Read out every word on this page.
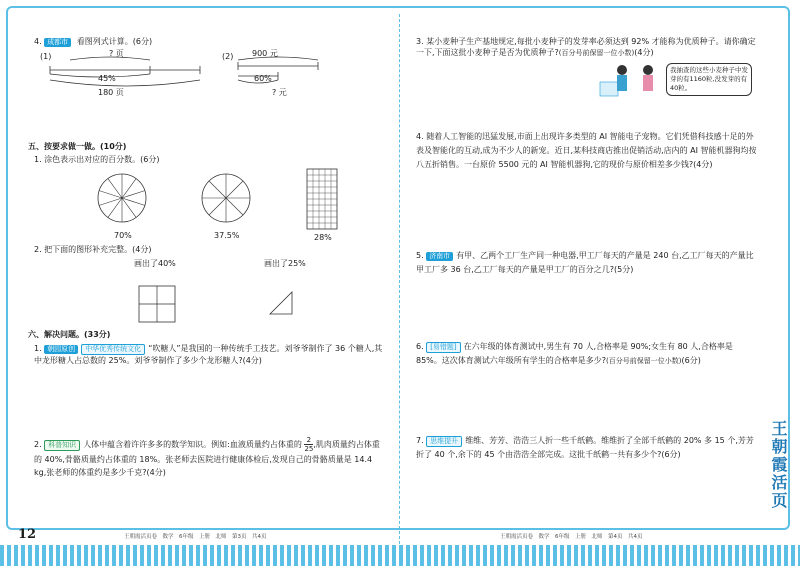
4. 成都市 看图列式计算。(6分)
(1)	? 页
45%
180 页
(2) 900 元
60%
? 元
五、按要求做一做。(10分)
1. 涂色表示出对应的百分数。(6分)
70%	37.5%	28%
2. 把下面的图形补充完整。(4分)
画出了40%	画出了25%
六、解决问题。(33分)
1. 朝园原创 中华优秀传统文化 “吹糖人”是我国的一种传统手工技艺。刘爷爷制作了 36 个糖人,其中龙形糖人占总数的 25%。刘爷爷制作了多少个龙形糖人?(4分)
2. 科普知识 人体中蕴含着许许多多的数学知识。例如:血液质量约占体重的 $\frac{2}{25}$ ,肌肉质量约占体重的 40%,骨骼质量约占体重的 18%。张老师去医院进行健康体检后,发现自己的骨骼质量是 14.4 kg,张老师的体重约是多少千克?(4分)
3. 某小麦种子生产基地规定,每批小麦种子的发芽率必须达到 92% 才能称为优质种子。请你确定一下,下面这批小麦种子是否为优质种子?(百分号前保留一位小数)(4分)
我抽查的这些小麦种子中发芽的有1160粒,没发芽的有40粒。
4. 随着人工智能的迅猛发展,市面上出现许多类型的 AI 智能电子宠物。它们凭借科技感十足的外表及智能化的互动,成为不少人的新宠。近日,某科技商店推出促销活动,店内的 AI 智能机器狗均按八五折销售。一台原价 5500 元的 AI 智能机器狗,它的现价与原价相差多少钱?(4分)
5. 济南市 有甲、乙两个工厂生产同一种电器,甲工厂每天的产量是 240 台,乙工厂每天的产量比甲工厂多 36 台,乙工厂每天的产量是甲工厂的百分之几?(5分)
6. [易错题] 在六年级的体育测试中,男生有 70 人,合格率是 90%;女生有 80 人,合格率是 85%。这次体育测试六年级所有学生的合格率是多少?(百分号前保留一位小数)(6分)
7. 思维提升 维维、芳芳、浩浩三人折一些千纸鹤。维维折了全部千纸鹤的 20% 多 15 个,芳芳折了 40 个,余下的 45 个由浩浩全部完成。这批千纸鹤一共有多少个?(6分)	王朝霞活页
12	王朝霞活页卷　数学　6年级　上册　北师　第3页　共4页	王朝霞活页卷　数学　6年级　上册　北师　第4页　共4页
